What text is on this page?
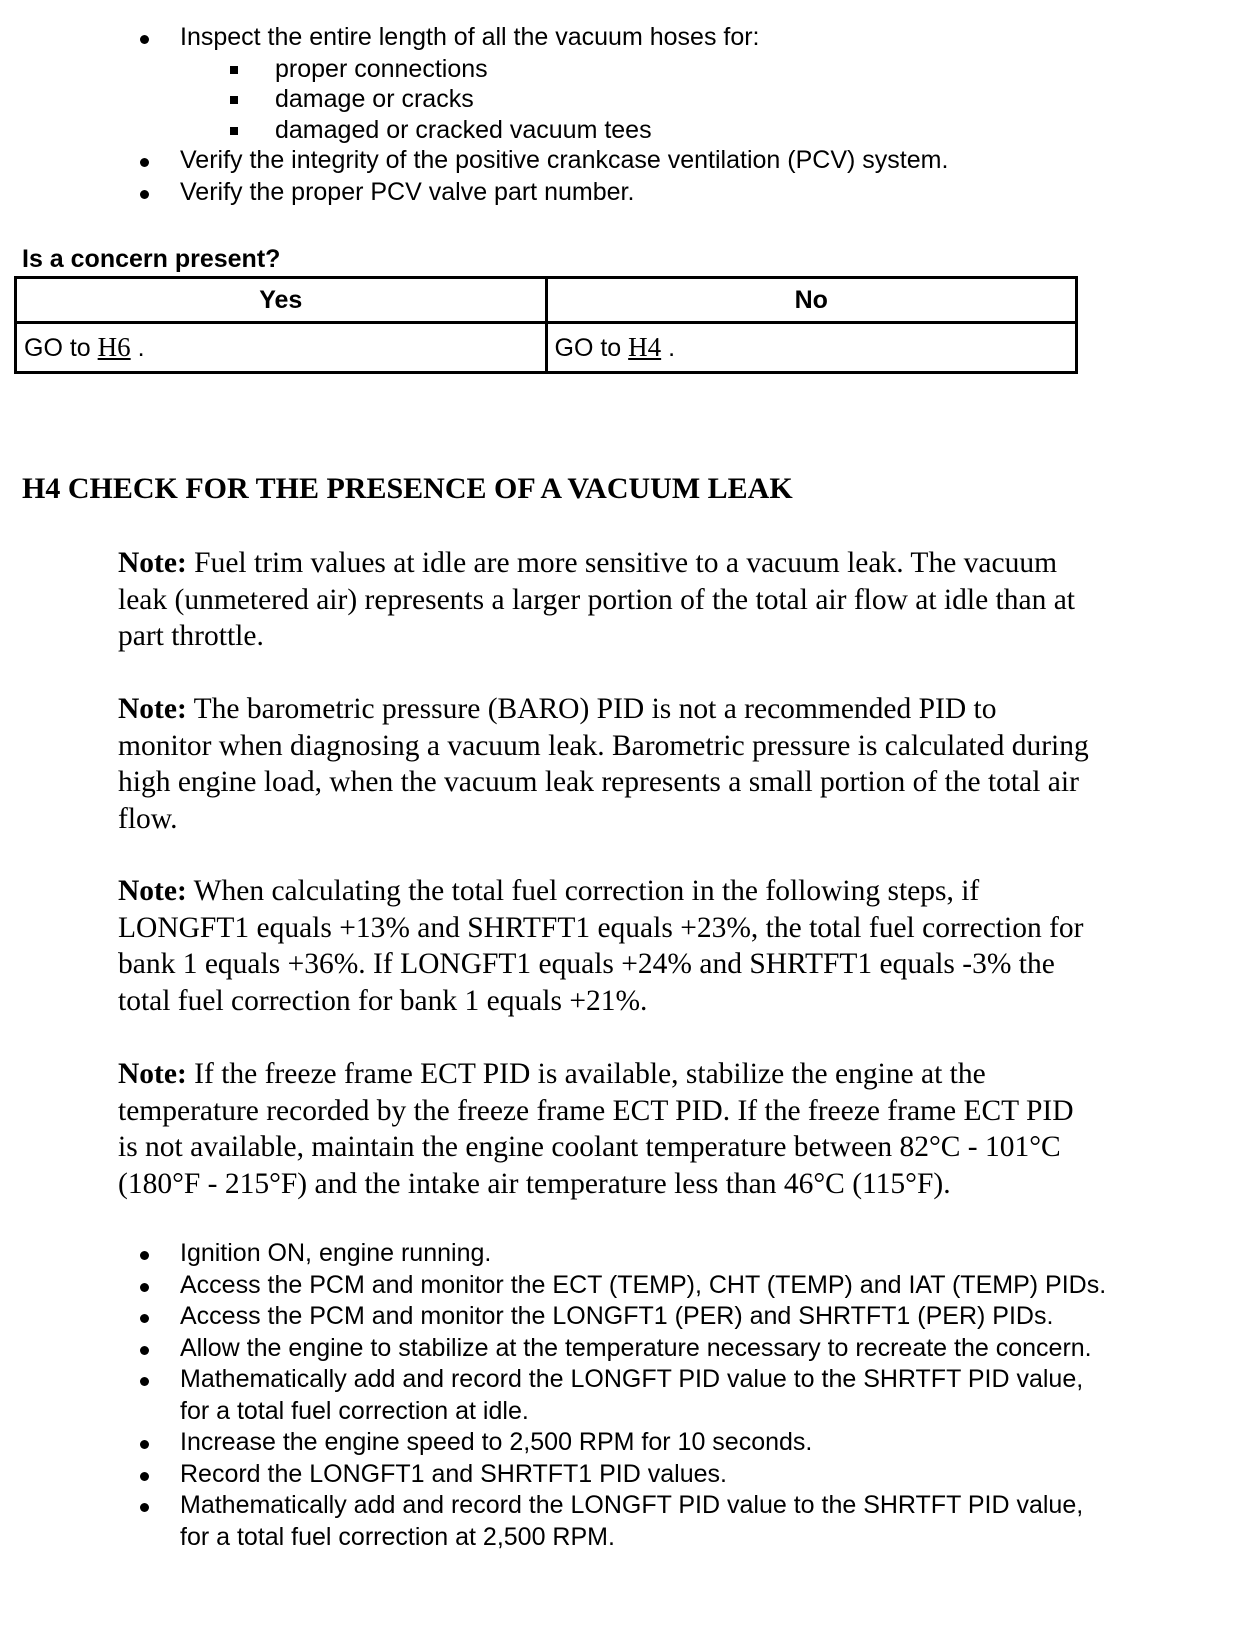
Inspect the entire length of all the vacuum hoses for:
proper connections
damage or cracks
damaged or cracked vacuum tees
Verify the integrity of the positive crankcase ventilation (PCV) system.
Verify the proper PCV valve part number.
Is a concern present?
Yes	No
GO to H6 .	GO to H4 .
H4 CHECK FOR THE PRESENCE OF A VACUUM LEAK
Note: Fuel trim values at idle are more sensitive to a vacuum leak. The vacuum
leak (unmetered air) represents a larger portion of the total air flow at idle than at
part throttle.
Note: The barometric pressure (BARO) PID is not a recommended PID to
monitor when diagnosing a vacuum leak. Barometric pressure is calculated during
high engine load, when the vacuum leak represents a small portion of the total air
flow.
Note: When calculating the total fuel correction in the following steps, if
LONGFT1 equals +13% and SHRTFT1 equals +23%, the total fuel correction for
bank 1 equals +36%. If LONGFT1 equals +24% and SHRTFT1 equals -3% the
total fuel correction for bank 1 equals +21%.
Note: If the freeze frame ECT PID is available, stabilize the engine at the
temperature recorded by the freeze frame ECT PID. If the freeze frame ECT PID
is not available, maintain the engine coolant temperature between 82°C - 101°C
(180°F - 215°F) and the intake air temperature less than 46°C (115°F).
Ignition ON, engine running.
Access the PCM and monitor the ECT (TEMP), CHT (TEMP) and IAT (TEMP) PIDs.
Access the PCM and monitor the LONGFT1 (PER) and SHRTFT1 (PER) PIDs.
Allow the engine to stabilize at the temperature necessary to recreate the concern.
Mathematically add and record the LONGFT PID value to the SHRTFT PID value,
for a total fuel correction at idle.
Increase the engine speed to 2,500 RPM for 10 seconds.
Record the LONGFT1 and SHRTFT1 PID values.
Mathematically add and record the LONGFT PID value to the SHRTFT PID value,
for a total fuel correction at 2,500 RPM.
